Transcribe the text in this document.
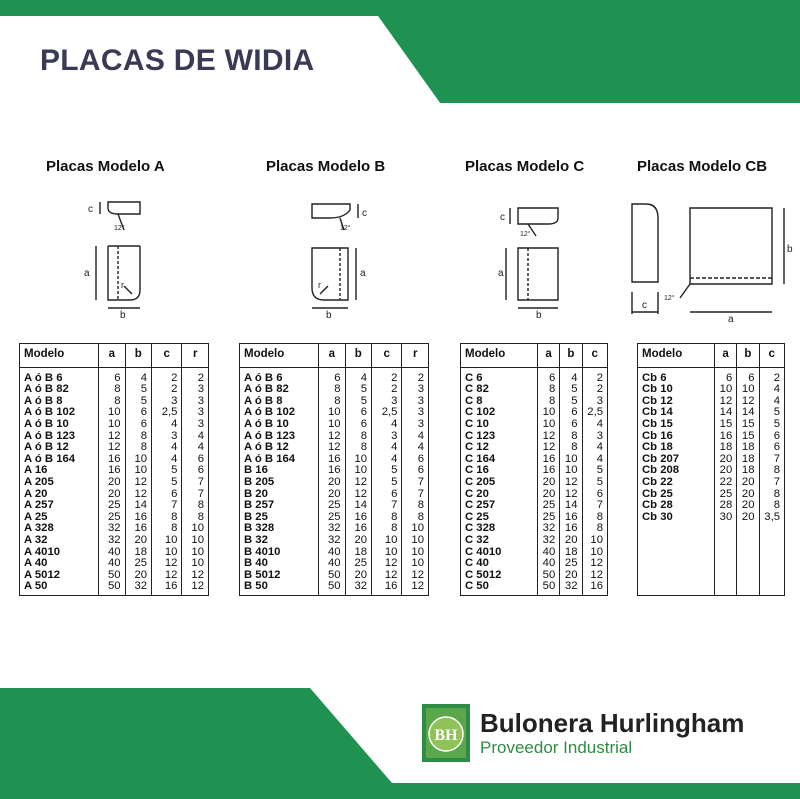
PLACAS DE WIDIA
Placas Modelo A	Placas Modelo B	Placas Modelo C	Placas Modelo CB
c
12°
a
b
r
c
12°
a
b
r
c
12°
a
b
c
12°
a
b
Modelo	a	b	c	r
A ó B 6	6	4	2	2
A ó B 82	8	5	2	3
A ó B 8	8	5	3	3
A ó B 102	10	6	2,5	3
A ó B 10	10	6	4	3
A ó B 123	12	8	3	4
A ó B 12	12	8	4	4
A ó B 164	16	10	4	6
A 16	16	10	5	6
A 205	20	12	5	7
A 20	20	12	6	7
A 257	25	14	7	8
A 25	25	16	8	8
A 328	32	16	8	10
A 32	32	20	10	10
A 4010	40	18	10	10
A 40	40	25	12	10
A 5012	50	20	12	12
A 50	50	32	16	12
Modelo	a	b	c	r
A ó B 6	6	4	2	2
A ó B 82	8	5	2	3
A ó B 8	8	5	3	3
A ó B 102	10	6	2,5	3
A ó B 10	10	6	4	3
A ó B 123	12	8	3	4
A ó B 12	12	8	4	4
A ó B 164	16	10	4	6
B 16	16	10	5	6
B 205	20	12	5	7
B 20	20	12	6	7
B 257	25	14	7	8
B 25	25	16	8	8
B 328	32	16	8	10
B 32	32	20	10	10
B 4010	40	18	10	10
B 40	40	25	12	10
B 5012	50	20	12	12
B 50	50	32	16	12
Modelo	a	b	c
C 6	6	4	2
C 82	8	5	2
C 8	8	5	3
C 102	10	6	2,5
C 10	10	6	4
C 123	12	8	3
C 12	12	8	4
C 164	16	10	4
C 16	16	10	5
C 205	20	12	5
C 20	20	12	6
C 257	25	14	7
C 25	25	16	8
C 328	32	16	8
C 32	32	20	10
C 4010	40	18	10
C 40	40	25	12
C 5012	50	20	12
C 50	50	32	16
Modelo	a	b	c
Cb 6	6	6	2
Cb 10	10	10	4
Cb 12	12	12	4
Cb 14	14	14	5
Cb 15	15	15	5
Cb 16	16	15	6
Cb 18	18	18	6
Cb 207	20	18	7
Cb 208	20	18	8
Cb 22	22	20	7
Cb 25	25	20	8
Cb 28	28	20	8
Cb 30	30	20	3,5

BH Bulonera Hurlingham
Proveedor Industrial
